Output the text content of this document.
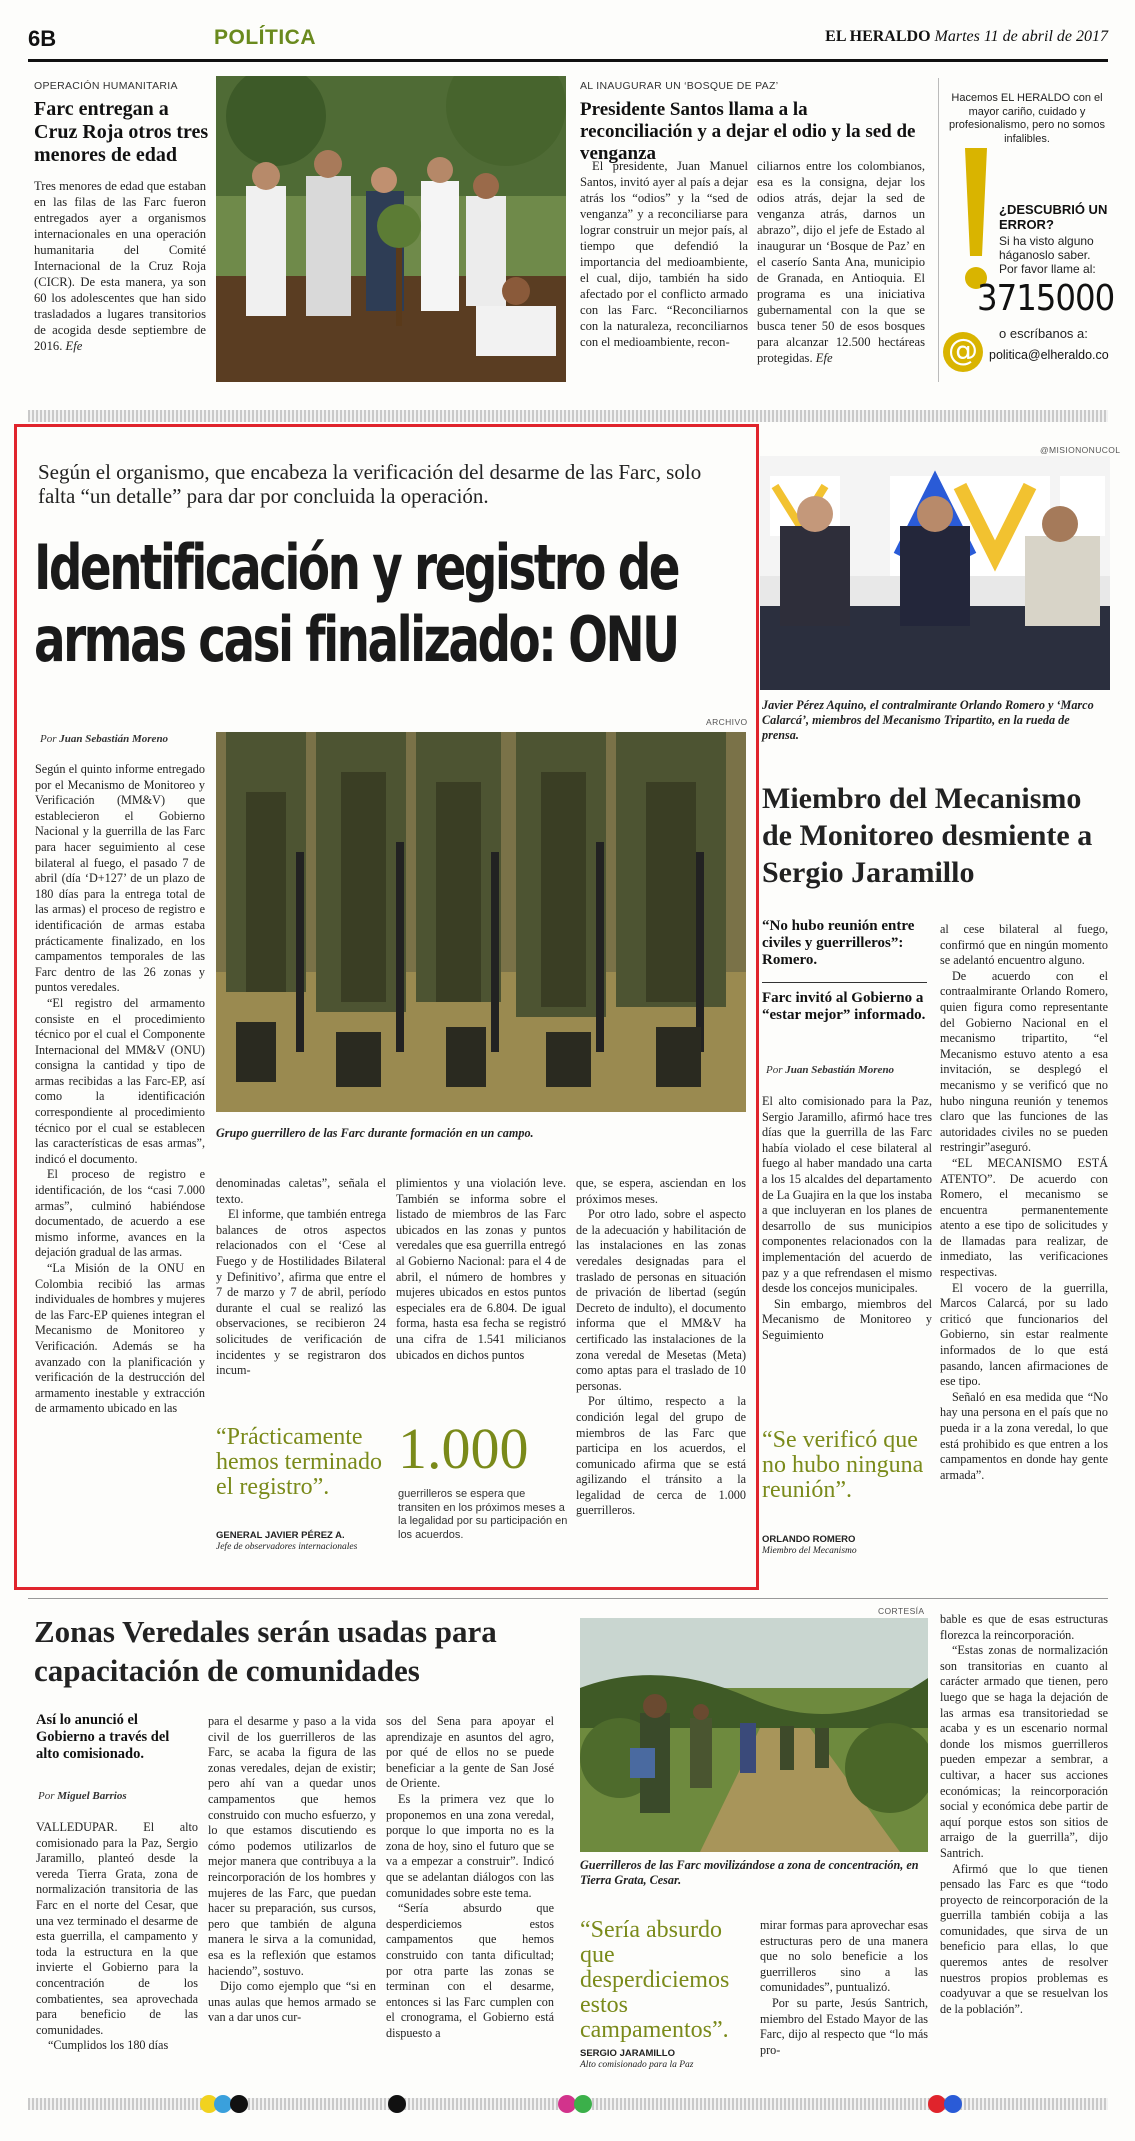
6B	POLÍTICA	EL HERALDO Martes 11 de abril de 2017
OPERACIÓN HUMANITARIA
Farc entregan a Cruz Roja otros tres menores de edad

Tres menores de edad que estaban en las filas de las Farc fueron entregados ayer a organismos internacionales en una operación humanitaria del Comité Internacional de la Cruz Roja (CICR). De esta manera, ya son 60 los adolescentes que han sido trasladados a lugares transitorios de acogida desde septiembre de 2016. Efe

AL INAUGURAR UN ‘BOSQUE DE PAZ’
Presidente Santos llama a la reconciliación y a dejar el odio y la sed de venganza

El presidente, Juan Manuel Santos, invitó ayer al país a dejar atrás los “odios” y la “sed de venganza” y a reconciliarse para lograr construir un mejor país, al tiempo que defendió la importancia del medioambiente, el cual, dijo, también ha sido afectado por el conflicto armado con las Farc. “Reconciliarnos con la naturaleza, reconciliarnos con el medioambiente, recon-

ciliarnos entre los colombianos, esa es la consigna, dejar los odios atrás, dejar la sed de venganza atrás, darnos un abrazo”, dijo el jefe de Estado al inaugurar un ‘Bosque de Paz’ en el caserío Santa Ana, municipio de Granada, en Antioquia. El programa es una iniciativa gubernamental con la que se busca tener 50 de esos bosques para alcanzar 12.500 hectáreas protegidas. Efe

Hacemos EL HERALDO con el mayor cariño, cuidado y profesionalismo, pero no somos infalibles.
¿DESCUBRIÓ UN ERROR?
Si ha visto alguno háganoslo saber. Por favor llame al:
3715000
o escríbanos a:
@ politica@elheraldo.co
Según el organismo, que encabeza la verificación del desarme de las Farc, solo falta “un detalle” para dar por concluida la operación.
Identificación y registro de armas casi finalizado: ONU
ARCHIVO
Por Juan Sebastián Moreno
Grupo guerrillero de las Farc durante formación en un campo.

Según el quinto informe entregado por el Mecanismo de Monitoreo y Verificación (MM&V) que establecieron el Gobierno Nacional y la guerrilla de las Farc para hacer seguimiento al cese bilateral al fuego, el pasado 7 de abril (día ‘D+127’ de un plazo de 180 días para la entrega total de las armas) el proceso de registro e identificación de armas estaba prácticamente finalizado, en los campamentos temporales de las Farc dentro de las 26 zonas y puntos veredales.

“El registro del armamento consiste en el procedimiento técnico por el cual el Componente Internacional del MM&V (ONU) consigna la cantidad y tipo de armas recibidas a las Farc-EP, así como la identificación correspondiente al procedimiento técnico por el cual se establecen las características de esas armas”, indicó el documento.

El proceso de registro e identificación, de los “casi 7.000 armas”, culminó habiéndose documentado, de acuerdo a ese mismo informe, avances en la dejación gradual de las armas.

“La Misión de la ONU en Colombia recibió las armas individuales de hombres y mujeres de las Farc-EP quienes integran el Mecanismo de Monitoreo y Verificación. Además se ha avanzado con la planificación y verificación de la destrucción del armamento inestable y extracción de armamento ubicado en las

denominadas caletas”, señala el texto.

El informe, que también entrega balances de otros aspectos relacionados con el ‘Cese al Fuego y de Hostilidades Bilateral y Definitivo’, afirma que entre el 7 de marzo y 7 de abril, período durante el cual se realizó las observaciones, se recibieron 24 solicitudes de verificación de incidentes y se registraron dos incum-

plimientos y una violación leve. También se informa sobre el listado de miembros de las Farc ubicados en las zonas y puntos veredales que esa guerrilla entregó al Gobierno Nacional: para el 4 de abril, el número de hombres y mujeres ubicados en estos puntos especiales era de 6.804. De igual forma, hasta esa fecha se registró una cifra de 1.541 milicianos ubicados en dichos puntos

que, se espera, asciendan en los próximos meses.

Por otro lado, sobre el aspecto de la adecuación y habilitación de las instalaciones en las zonas veredales designadas para el traslado de personas en situación de privación de libertad (según Decreto de indulto), el documento informa que el MM&V ha certificado las instalaciones de la zona veredal de Mesetas (Meta) como aptas para el traslado de 10 personas.

Por último, respecto a la condición legal del grupo de miembros de las Farc que participa en los acuerdos, el comunicado afirma que se está agilizando el tránsito a la legalidad de cerca de 1.000 guerrilleros.

“Prácticamente hemos terminado el registro”.
GENERAL JAVIER PÉREZ A.
Jefe de observadores internacionales
1.000
guerrilleros se espera que transiten en los próximos meses a la legalidad por su participación en los acuerdos.
@MISIONONUCOL
Javier Pérez Aquino, el contralmirante Orlando Romero y ‘Marco Calarcá’, miembros del Mecanismo Tripartito, en la rueda de prensa.
Miembro del Mecanismo de Monitoreo desmiente a Sergio Jaramillo
“No hubo reunión entre civiles y guerrilleros”: Romero.
Farc invitó al Gobierno a “estar mejor” informado.
Por Juan Sebastián Moreno

El alto comisionado para la Paz, Sergio Jaramillo, afirmó hace tres días que la guerrilla de las Farc había violado el cese bilateral al fuego al haber mandado una carta a los 15 alcaldes del departamento de La Guajira en la que los instaba a que incluyeran en los planes de desarrollo de sus municipios componentes relacionados con la implementación del acuerdo de paz y a que refrendasen el mismo desde los concejos municipales.

Sin embargo, miembros del Mecanismo de Monitoreo y Seguimiento

al cese bilateral al fuego, confirmó que en ningún momento se adelantó encuentro alguno.

De acuerdo con el contraalmirante Orlando Romero, quien figura como representante del Gobierno Nacional en el mecanismo tripartito, “el Mecanismo estuvo atento a esa invitación, se desplegó el mecanismo y se verificó que no hubo ninguna reunión y tenemos claro que las funciones de las autoridades civiles no se pueden restringir”aseguró.

“EL MECANISMO ESTÁ ATENTO”. De acuerdo con Romero, el mecanismo se encuentra permanentemente atento a ese tipo de solicitudes y de llamadas para realizar, de inmediato, las verificaciones respectivas.

El vocero de la guerrilla, Marcos Calarcá, por su lado criticó que funcionarios del Gobierno, sin estar realmente informados de lo que está pasando, lancen afirmaciones de ese tipo.

Señaló en esa medida que “No hay una persona en el país que no pueda ir a la zona veredal, lo que está prohibido es que entren a los campamentos en donde hay gente armada”.

“Se verificó que no hubo ninguna reunión”.
ORLANDO ROMERO
Miembro del Mecanismo
Zonas Veredales serán usadas para capacitación de comunidades
Así lo anunció el Gobierno a través del alto comisionado.
Por Miguel Barrios

VALLEDUPAR. El alto comisionado para la Paz, Sergio Jaramillo, planteó desde la vereda Tierra Grata, zona de normalización transitoria de las Farc en el norte del Cesar, que una vez terminado el desarme de esta guerrilla, el campamento y toda la estructura en la que invierte el Gobierno para la concentración de los combatientes, sea aprovechada para beneficio de las comunidades.

“Cumplidos los 180 días

para el desarme y paso a la vida civil de los guerrilleros de las Farc, se acaba la figura de las zonas veredales, dejan de existir; pero ahí van a quedar unos campamentos que hemos construido con mucho esfuerzo, y lo que estamos discutiendo es cómo podemos utilizarlos de mejor manera que contribuya a la reincorporación de los hombres y mujeres de las Farc, que puedan hacer su preparación, sus cursos, pero que también de alguna manera le sirva a la comunidad, esa es la reflexión que estamos haciendo”, sostuvo.

Dijo como ejemplo que “si en unas aulas que hemos armado se van a dar unos cur-

sos del Sena para apoyar el aprendizaje en asuntos del agro, por qué de ellos no se puede beneficiar a la gente de San José de Oriente.

Es la primera vez que lo proponemos en una zona veredal, porque lo que importa no es la zona de hoy, sino el futuro que se va a empezar a construir”. Indicó que se adelantan diálogos con las comunidades sobre este tema.

“Sería absurdo que desperdiciemos estos campamentos que hemos construido con tanta dificultad; por otra parte las zonas se terminan con el desarme, entonces si las Farc cumplen con el cronograma, el Gobierno está dispuesto a

CORTESÍA
Guerrilleros de las Farc movilizándose a zona de concentración, en Tierra Grata, Cesar.
“Sería absurdo que desperdiciemos estos campamentos”.
SERGIO JARAMILLO
Alto comisionado para la Paz

mirar formas para aprovechar esas estructuras pero de una manera que no solo beneficie a los guerrilleros sino a las comunidades”, puntualizó.

Por su parte, Jesús Santrich, miembro del Estado Mayor de las Farc, dijo al respecto que “lo más pro-

bable es que de esas estructuras florezca la reincorporación.

“Estas zonas de normalización son transitorias en cuanto al carácter armado que tienen, pero luego que se haga la dejación de las armas esa transitoriedad se acaba y es un escenario normal donde los mismos guerrilleros pueden empezar a sembrar, a cultivar, a hacer sus acciones económicas; la reincorporación social y económica debe partir de aquí porque estos son sitios de arraigo de la guerrilla”, dijo Santrich.

Afirmó que lo que tienen pensado las Farc es que “todo proyecto de reincorporación de la guerrilla también cobija a las comunidades, que sirva de un beneficio para ellas, lo que queremos antes de resolver nuestros propios problemas es coadyuvar a que se resuelvan los de la población”.
